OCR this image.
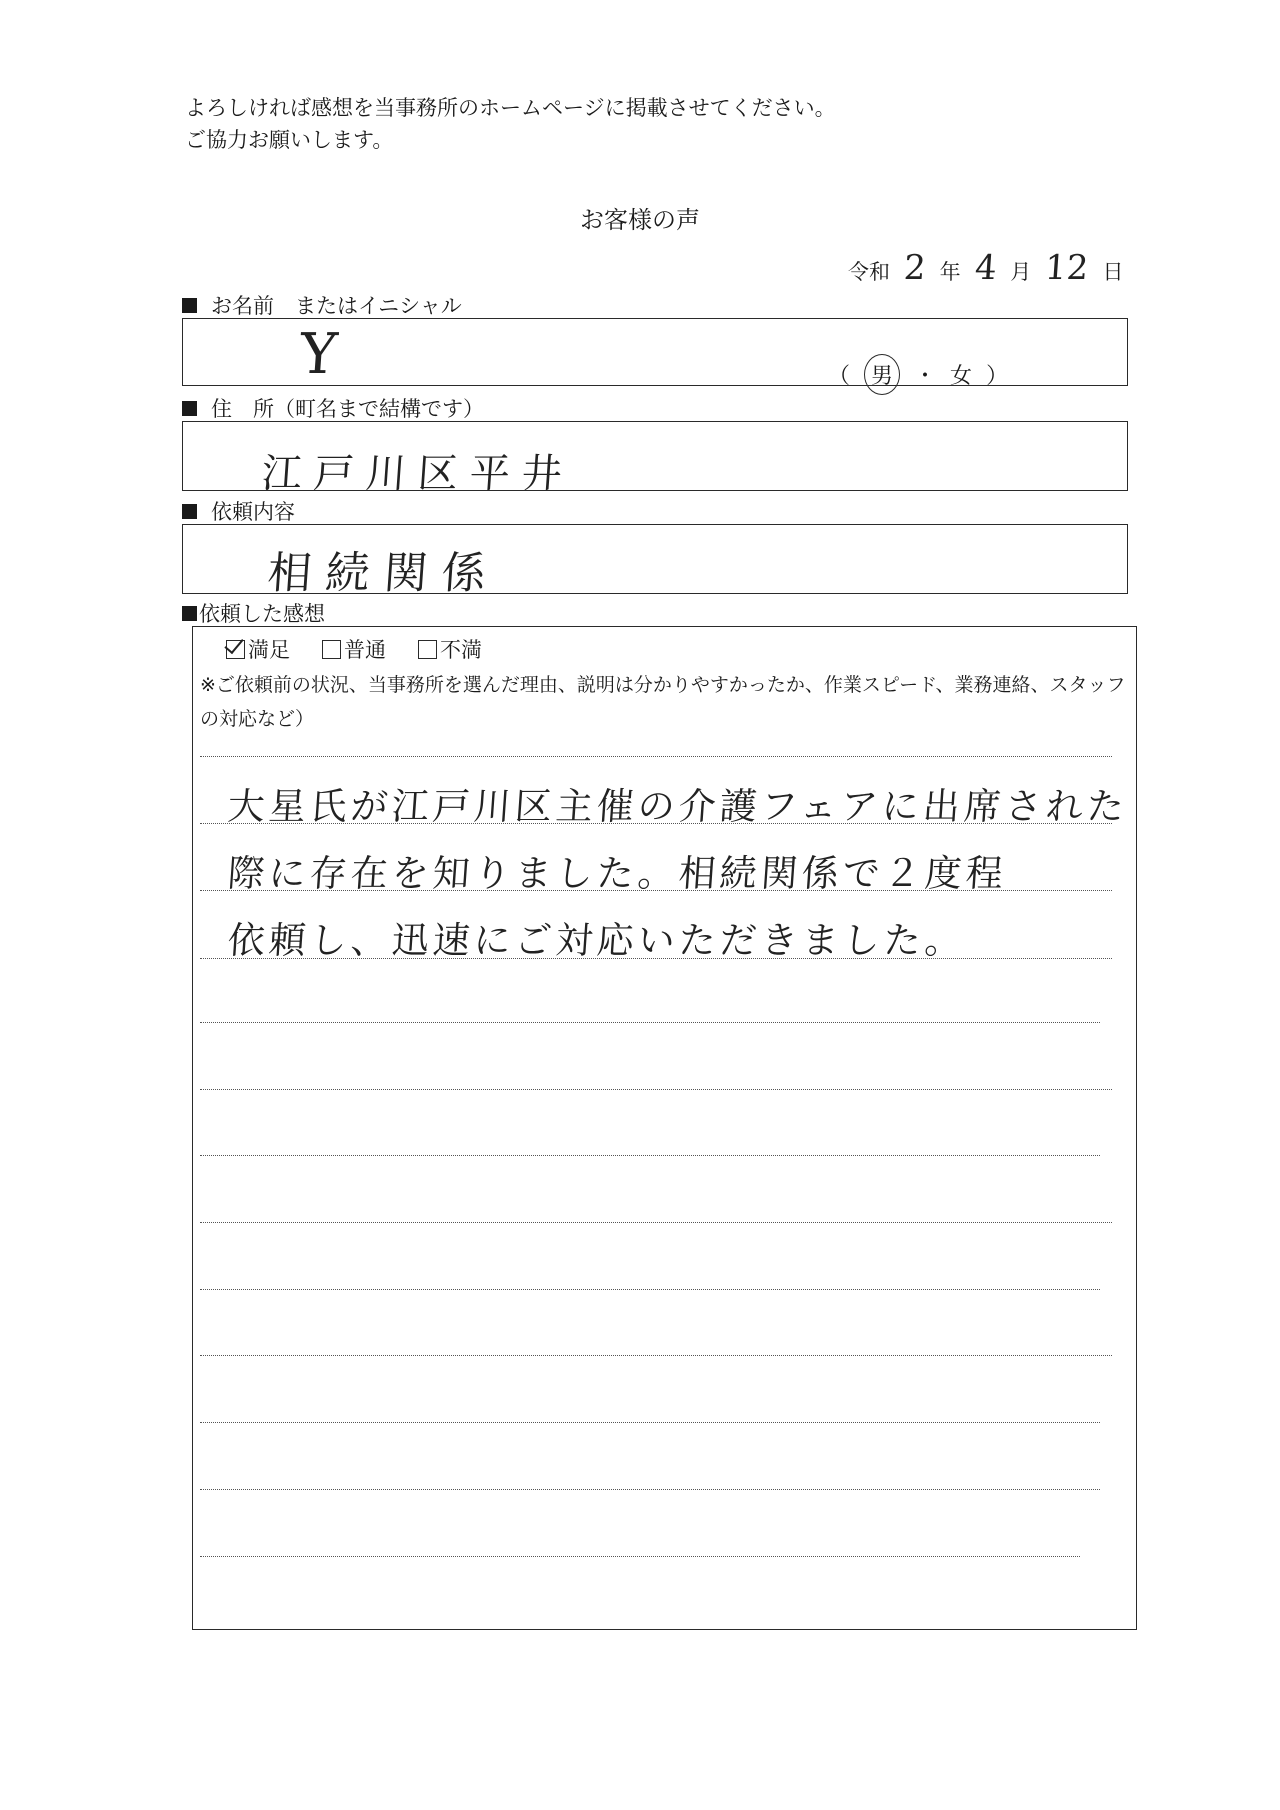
よろしければ感想を当事務所のホームページに掲載させてください。
ご協力お願いします。
お客様の声
令和 2 年 4 月 12 日
お名前　またはイニシャル
Y	（ 男 ・ 女 ）
住　所（町名まで結構です）
江戸川区平井
依頼内容
相続関係
依頼した感想
満足	普通	不満
※ご依頼前の状況、当事務所を選んだ理由、説明は分かりやすかったか、作業スピード、業務連絡、スタッフの対応など）
大星氏が江戸川区主催の介護フェアに出席された
際に存在を知りました。相続関係で２度程
依頼し、迅速にご対応いただきました。
